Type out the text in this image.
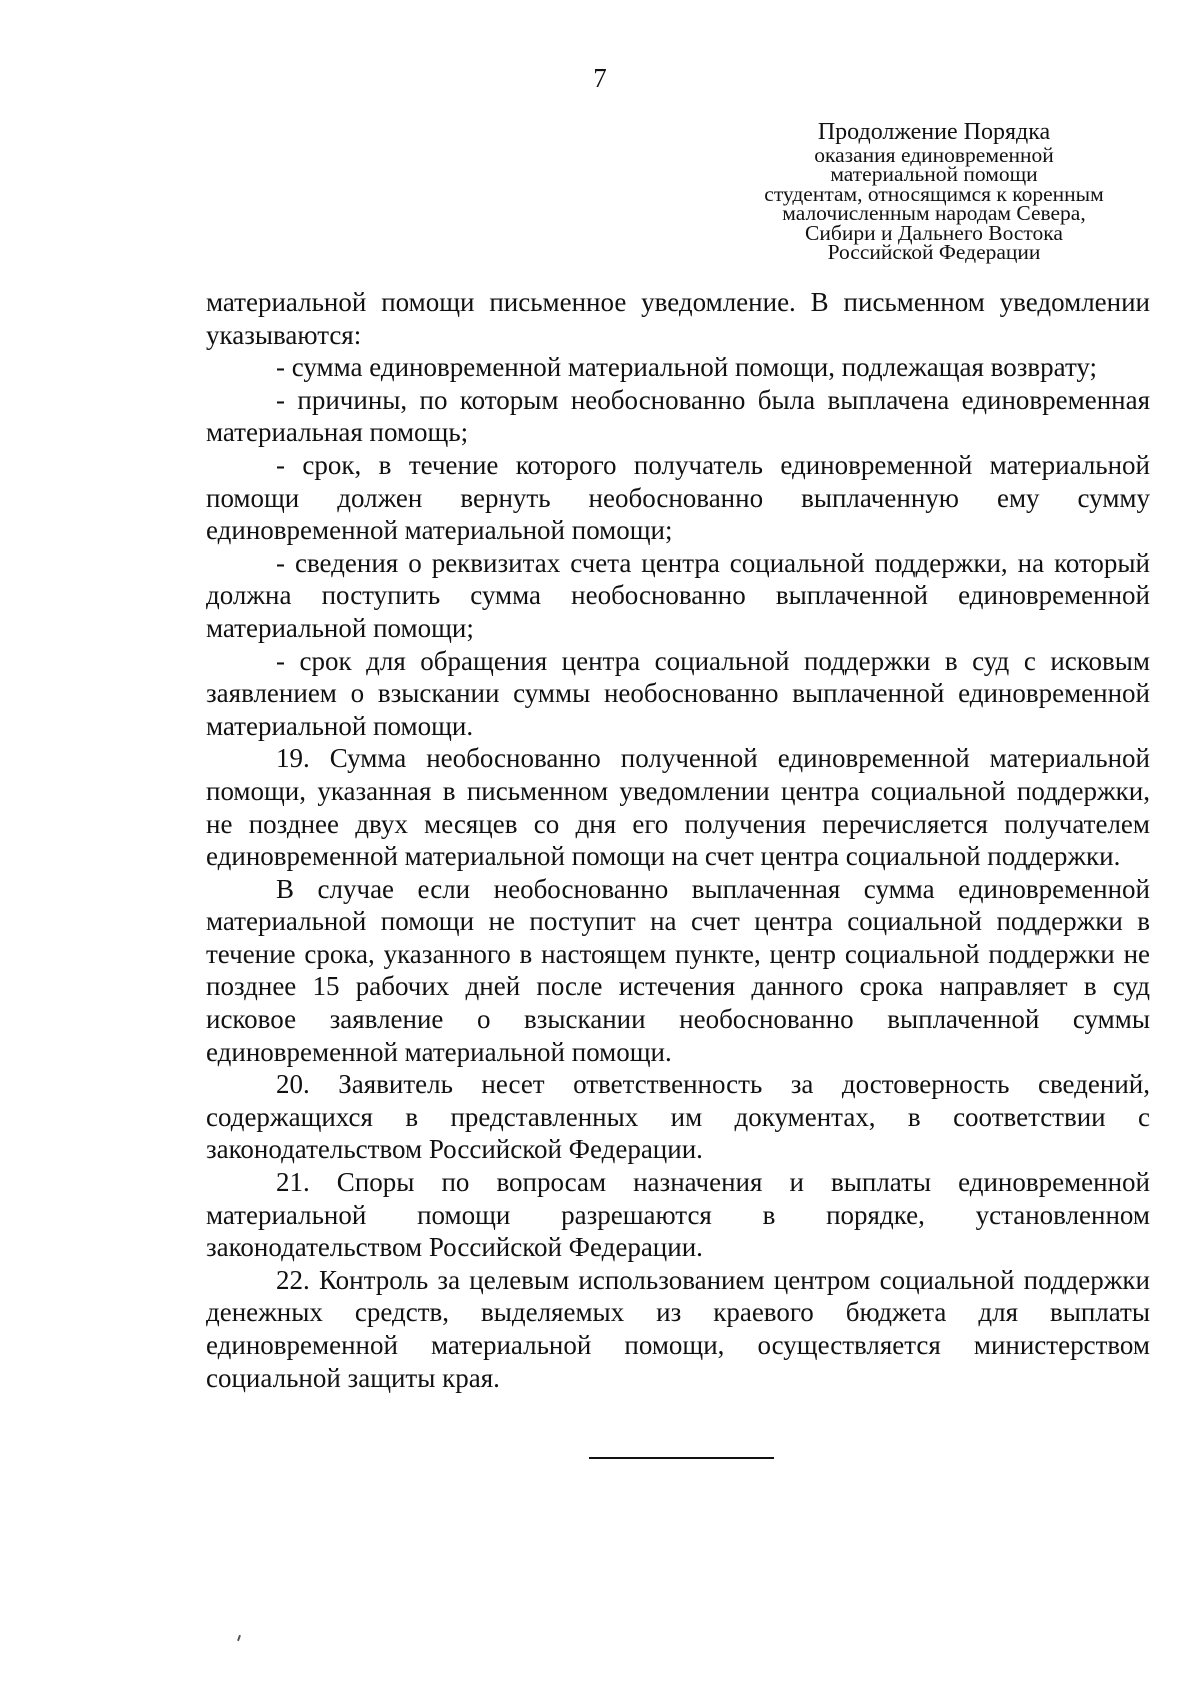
7

Продолжение Порядка

оказания единовременной

материальной помощи

студентам, относящимся к коренным

малочисленным народам Севера,

Сибири и Дальнего Востока

Российской Федерации

материальной помощи письменное уведомление. В письменном уведомлении указываются:

- сумма единовременной материальной помощи, подлежащая возврату;

- причины, по которым необоснованно была выплачена единовременная материальная помощь;

- срок, в течение которого получатель единовременной материальной помощи должен вернуть необоснованно выплаченную ему сумму единовременной материальной помощи;

- сведения о реквизитах счета центра социальной поддержки, на который должна поступить сумма необоснованно выплаченной единовременной материальной помощи;

- срок для обращения центра социальной поддержки в суд с исковым заявлением о взыскании суммы необоснованно выплаченной единовременной материальной помощи.

19. Сумма необоснованно полученной единовременной материальной помощи, указанная в письменном уведомлении центра социальной поддержки, не позднее двух месяцев со дня его получения перечисляется получателем единовременной материальной помощи на счет центра социальной поддержки.

В случае если необоснованно выплаченная сумма единовременной материальной помощи не поступит на счет центра социальной поддержки в течение срока, указанного в настоящем пункте, центр социальной поддержки не позднее 15 рабочих дней после истечения данного срока направляет в суд исковое заявление о взыскании необоснованно выплаченной суммы единовременной материальной помощи.

20. Заявитель несет ответственность за достоверность сведений, содержащихся в представленных им документах, в соответствии с законодательством Российской Федерации.

21. Споры по вопросам назначения и выплаты единовременной материальной помощи разрешаются в порядке, установленном законодательством Российской Федерации.

22. Контроль за целевым использованием центром социальной поддержки денежных средств, выделяемых из краевого бюджета для выплаты единовременной материальной помощи, осуществляется министерством социальной защиты края.
